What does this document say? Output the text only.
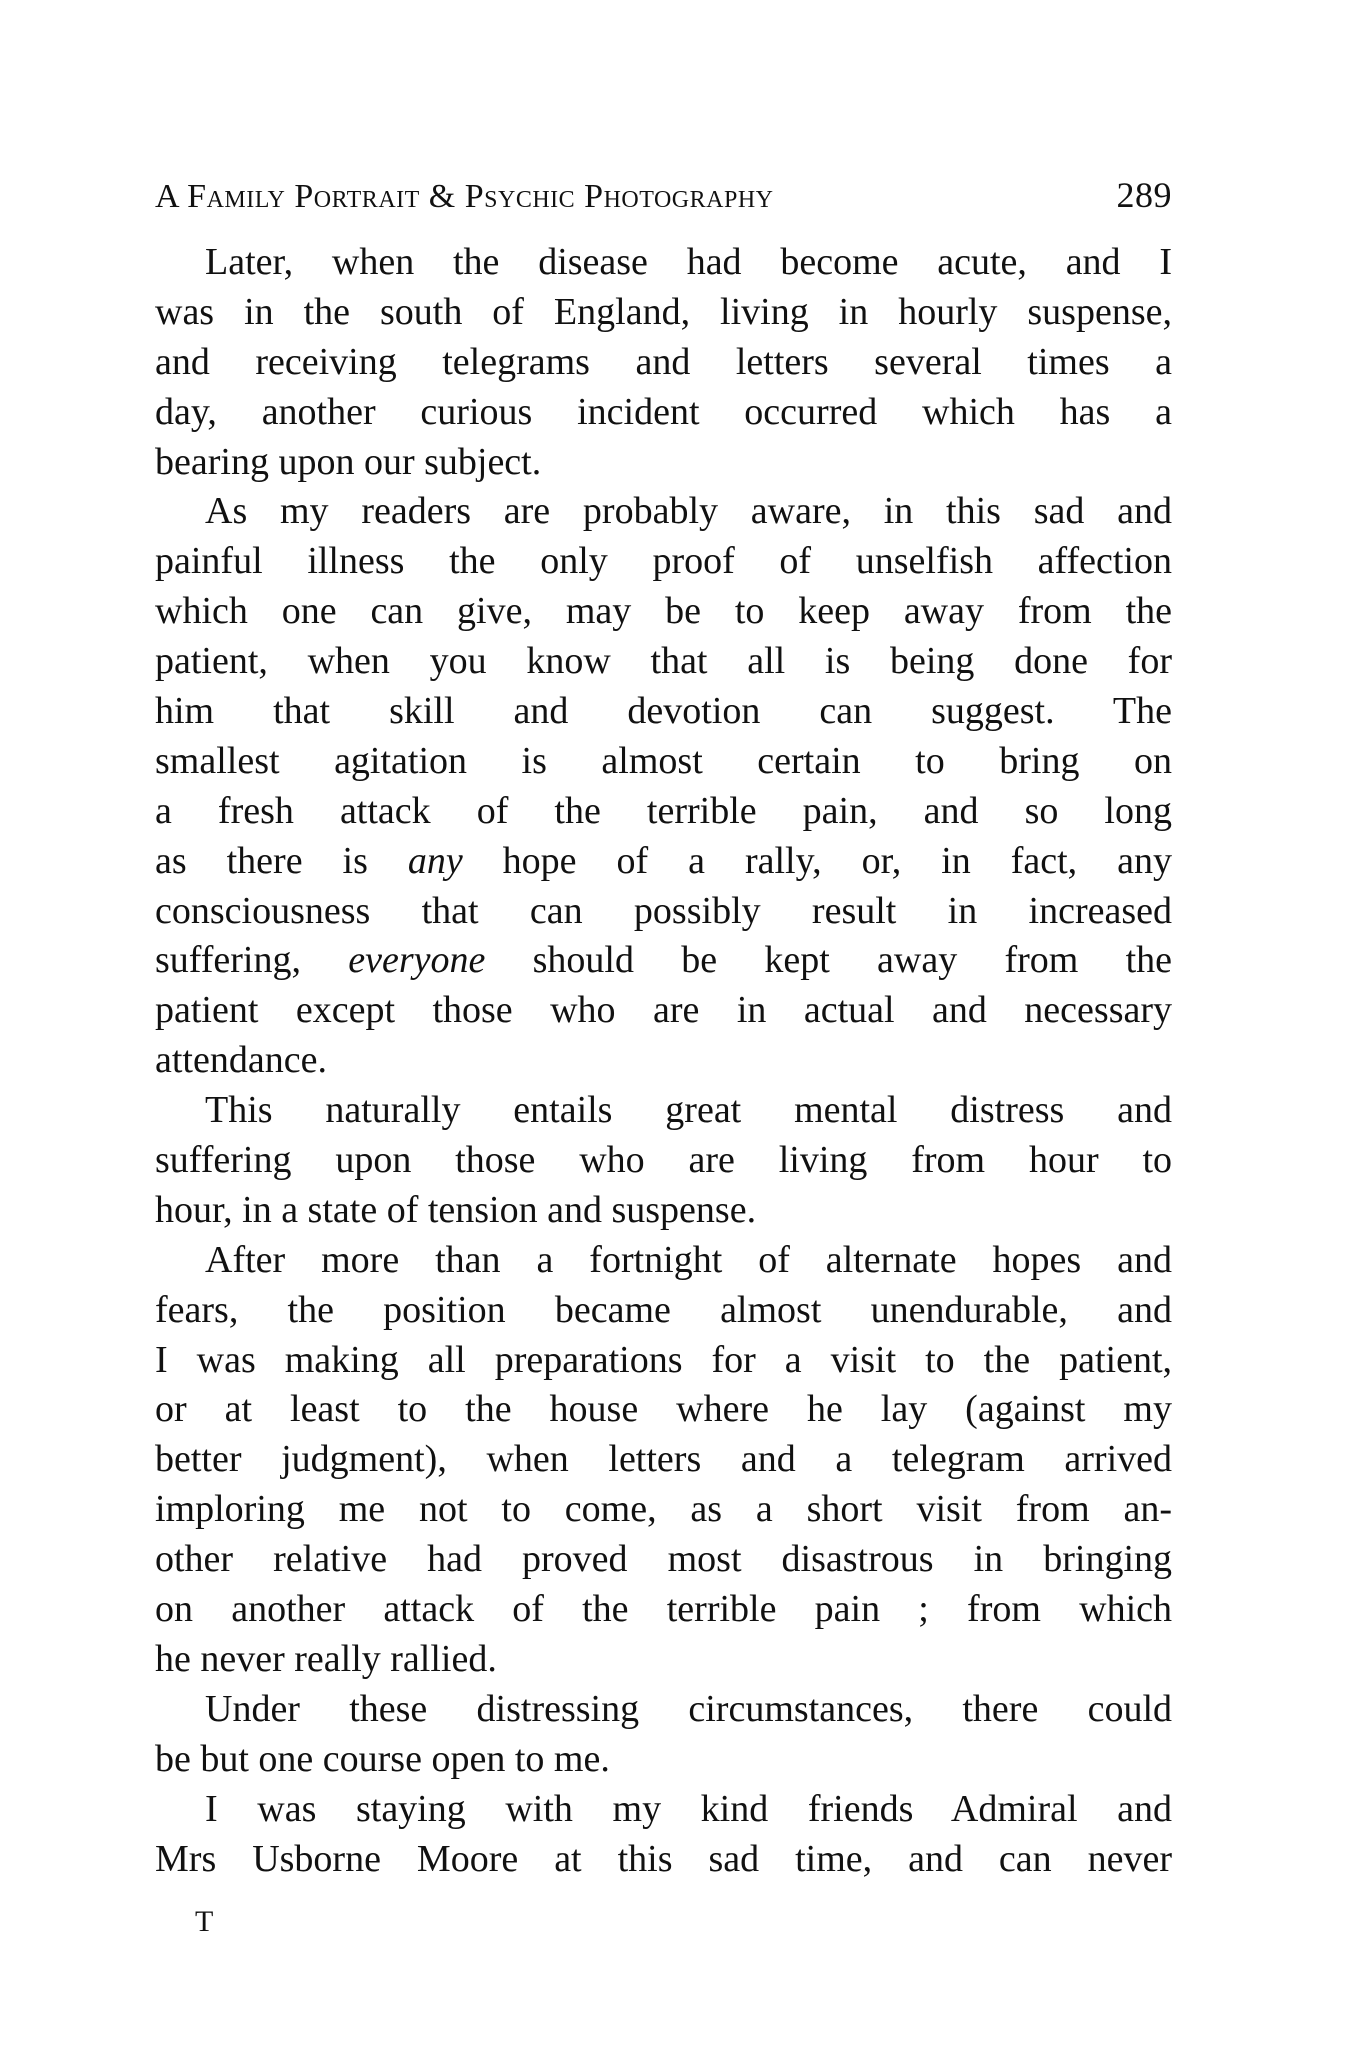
A Family Portrait & Psychic Photography	289
Later, when the disease had become acute, and I
was in the south of England, living in hourly suspense,
and receiving telegrams and letters several times a
day, another curious incident occurred which has a
bearing upon our subject.
As my readers are probably aware, in this sad and
painful illness the only proof of unselfish affection
which one can give, may be to keep away from the
patient, when you know that all is being done for
him that skill and devotion can suggest. The
smallest agitation is almost certain to bring on
a fresh attack of the terrible pain, and so long
as there is any hope of a rally, or, in fact, any
consciousness that can possibly result in increased
suffering, everyone should be kept away from the
patient except those who are in actual and necessary
attendance.
This naturally entails great mental distress and
suffering upon those who are living from hour to
hour, in a state of tension and suspense.
After more than a fortnight of alternate hopes and
fears, the position became almost unendurable, and
I was making all preparations for a visit to the patient,
or at least to the house where he lay (against my
better judgment), when letters and a telegram arrived
imploring me not to come, as a short visit from an-
other relative had proved most disastrous in bringing
on another attack of the terrible pain ; from which
he never really rallied.
Under these distressing circumstances, there could
be but one course open to me.
I was staying with my kind friends Admiral and
Mrs Usborne Moore at this sad time, and can never
T
